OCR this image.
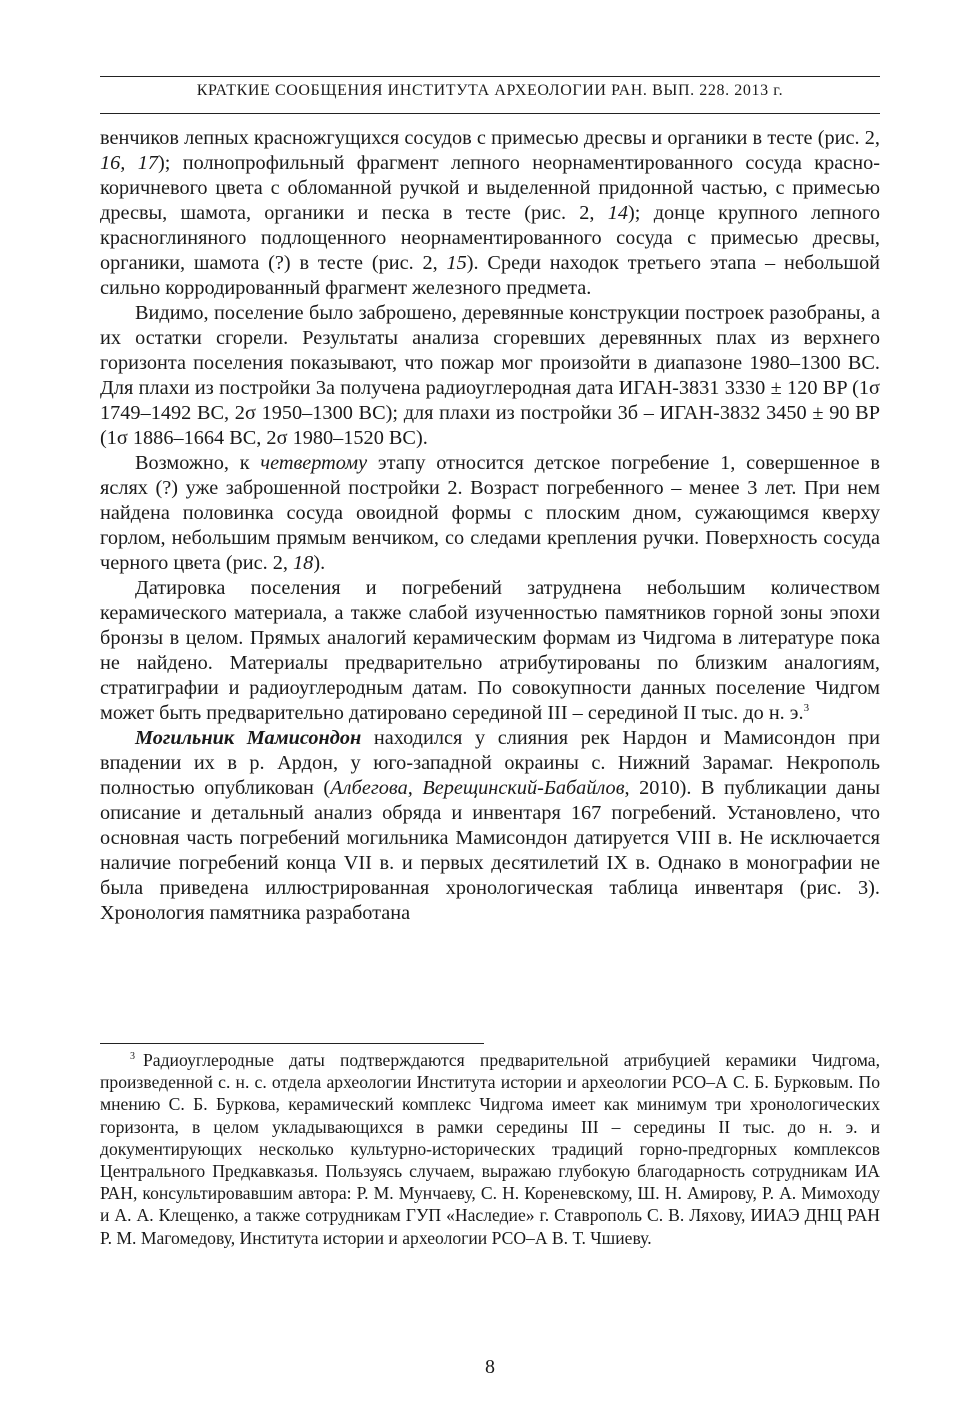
КРАТКИЕ СООБЩЕНИЯ ИНСТИТУТА АРХЕОЛОГИИ РАН. ВЫП. 228. 2013 г.

венчиков лепных красножгущихся сосудов с примесью дресвы и органики в тесте (рис. 2, 16, 17); полнопрофильный фрагмент лепного неорнаментированного сосуда красно-коричневого цвета с обломанной ручкой и выделенной придонной частью, с примесью дресвы, шамота, органики и песка в тесте (рис. 2, 14); донце крупного лепного красноглиняного подлощенного неорнаментированного сосуда с примесью дресвы, органики, шамота (?) в тесте (рис. 2, 15). Среди находок третьего этапа – небольшой сильно корродированный фрагмент железного предмета.

Видимо, поселение было заброшено, деревянные конструкции построек разобраны, а их остатки сгорели. Результаты анализа сгоревших деревянных плах из верхнего горизонта поселения показывают, что пожар мог произойти в диапазоне 1980–1300 BC. Для плахи из постройки 3а получена радиоуглеродная дата ИГАН-3831 3330 ± 120 BP (1σ 1749–1492 BC, 2σ 1950–1300 BC); для плахи из постройки 3б – ИГАН-3832 3450 ± 90 BP (1σ 1886–1664 BC, 2σ 1980–1520 BC).

Возможно, к четвертому этапу относится детское погребение 1, совершенное в яслях (?) уже заброшенной постройки 2. Возраст погребенного – менее 3 лет. При нем найдена половинка сосуда овоидной формы с плоским дном, сужающимся кверху горлом, небольшим прямым венчиком, со следами крепления ручки. Поверхность сосуда черного цвета (рис. 2, 18).

Датировка поселения и погребений затруднена небольшим количеством керамического материала, а также слабой изученностью памятников горной зоны эпохи бронзы в целом. Прямых аналогий керамическим формам из Чидгома в литературе пока не найдено. Материалы предварительно атрибутированы по близким аналогиям, стратиграфии и радиоуглеродным датам. По совокупности данных поселение Чидгом может быть предварительно датировано серединой III – серединой II тыс. до н. э.$^3$

Могильник Мамисондон находился у слияния рек Нардон и Мамисондон при впадении их в р. Ардон, у юго-западной окраины с. Нижний Зарамаг. Некрополь полностью опубликован (Албегова, Верещинский-Бабайлов, 2010). В публикации даны описание и детальный анализ обряда и инвентаря 167 погребений. Установлено, что основная часть погребений могильника Мамисондон датируется VIII в. Не исключается наличие погребений конца VII в. и первых десятилетий IX в. Однако в монографии не была приведена иллюстрированная хронологическая таблица инвентаря (рис. 3). Хронология памятника разработана

$^3$ Радиоуглеродные даты подтверждаются предварительной атрибуцией керамики Чидгома, произведенной с. н. с. отдела археологии Института истории и археологии РСО–А С. Б. Бурковым. По мнению С. Б. Буркова, керамический комплекс Чидгома имеет как минимум три хронологических горизонта, в целом укладывающихся в рамки середины III – середины II тыс. до н. э. и документирующих несколько культурно-исторических традиций горно-предгорных комплексов Центрального Предкавказья. Пользуясь случаем, выражаю глубокую благодарность сотрудникам ИА РАН, консультировавшим автора: Р. М. Мунчаеву, С. Н. Кореневскому, Ш. Н. Амирову, Р. А. Мимоходу и А. А. Клещенко, а также сотрудникам ГУП «Наследие» г. Ставрополь С. В. Ляхову, ИИАЭ ДНЦ РАН Р. М. Магомедову, Института истории и археологии РСО–А В. Т. Чшиеву.

8
